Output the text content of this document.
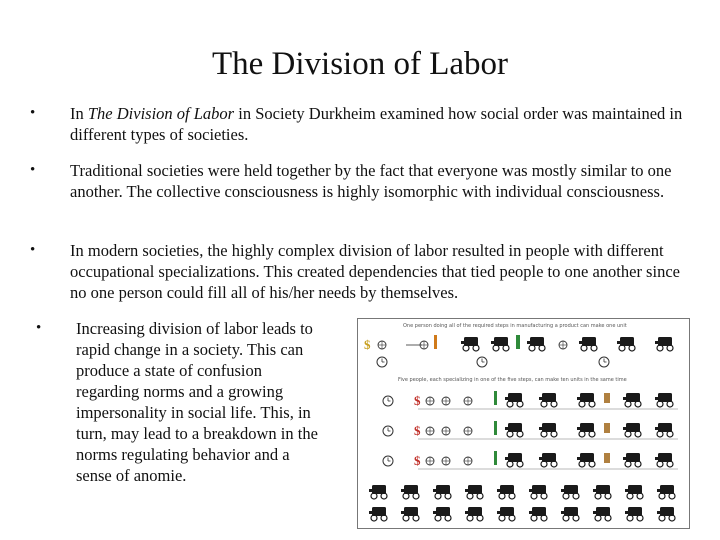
The Division of Labor
• In The Division of Labor in Society Durkheim examined how social order was maintained in different types of societies.
• Traditional societies were held together by the fact that everyone was mostly similar to one another. The collective consciousness is highly isomorphic with individual consciousness.
• In modern societies, the highly complex division of labor resulted in people with different occupational specializations. This created dependencies that tied people to one another since no one person could fill all of his/her needs by themselves.
• Increasing division of labor leads to rapid change in a society. This can produce a state of confusion regarding norms and a growing impersonality in social life. This, in turn, may lead to a breakdown in the norms regulating behavior and a sense of anomie.
One person doing all of the required steps in manufacturing a product can make one unit
$
Five people, each specializing in one of the five steps, can make ten units in the same time
$
$
$
